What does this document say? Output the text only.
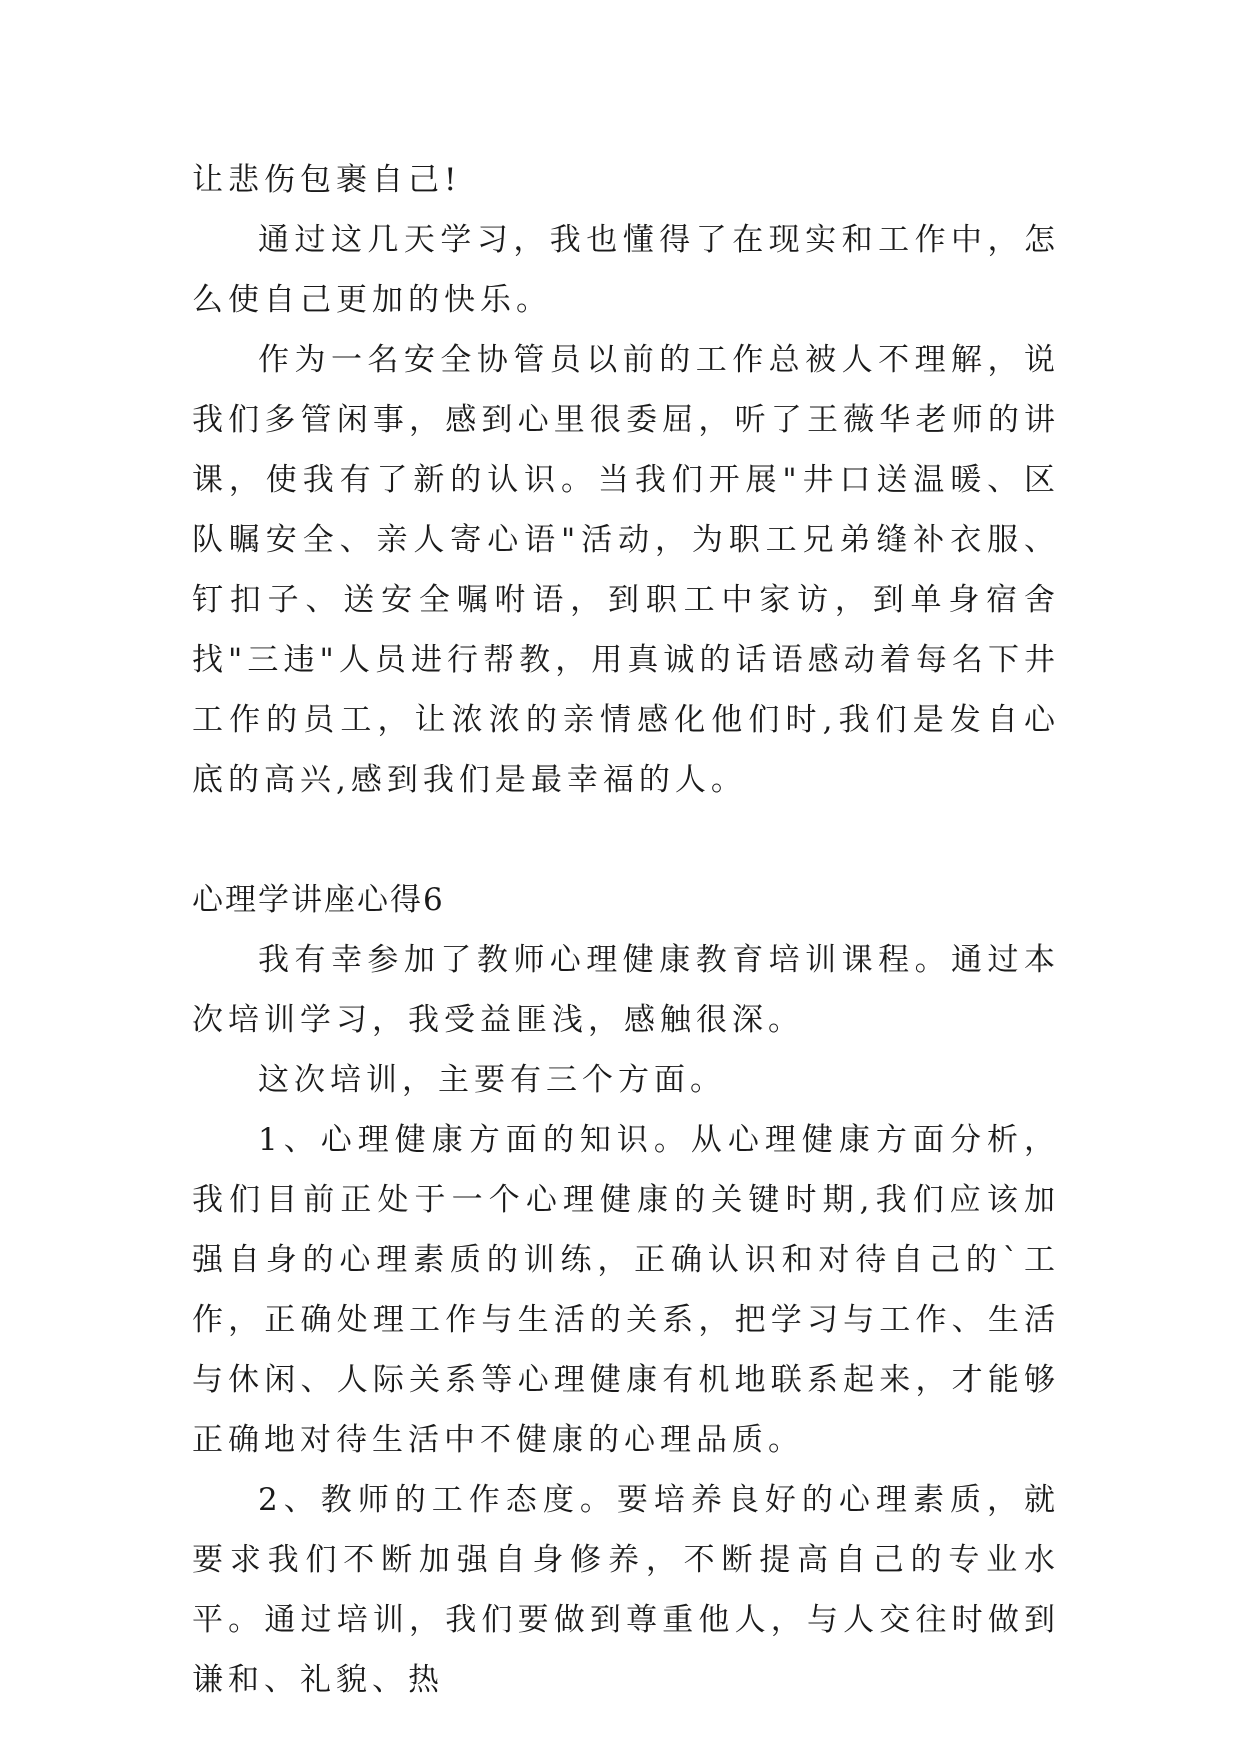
让悲伤包裹自己!

通过这几天学习，我也懂得了在现实和工作中，怎么使自己更加的快乐。

作为一名安全协管员以前的工作总被人不理解，说我们多管闲事，感到心里很委屈，听了王薇华老师的讲课，使我有了新的认识。当我们开展"井口送温暖、区队瞩安全、亲人寄心语"活动，为职工兄弟缝补衣服、钉扣子、送安全嘱咐语，到职工中家访，到单身宿舍找"三违"人员进行帮教，用真诚的话语感动着每名下井工作的员工，让浓浓的亲情感化他们时,我们是发自心底的高兴,感到我们是最幸福的人。

心理学讲座心得6

我有幸参加了教师心理健康教育培训课程。通过本次培训学习，我受益匪浅，感触很深。

这次培训，主要有三个方面。

1、心理健康方面的知识。从心理健康方面分析，我们目前正处于一个心理健康的关键时期,我们应该加强自身的心理素质的训练，正确认识和对待自己的`工作，正确处理工作与生活的关系，把学习与工作、生活与休闲、人际关系等心理健康有机地联系起来，才能够正确地对待生活中不健康的心理品质。

2、教师的工作态度。要培养良好的心理素质，就要求我们不断加强自身修养，不断提高自己的专业水平。通过培训，我们要做到尊重他人，与人交往时做到谦和、礼貌、热
